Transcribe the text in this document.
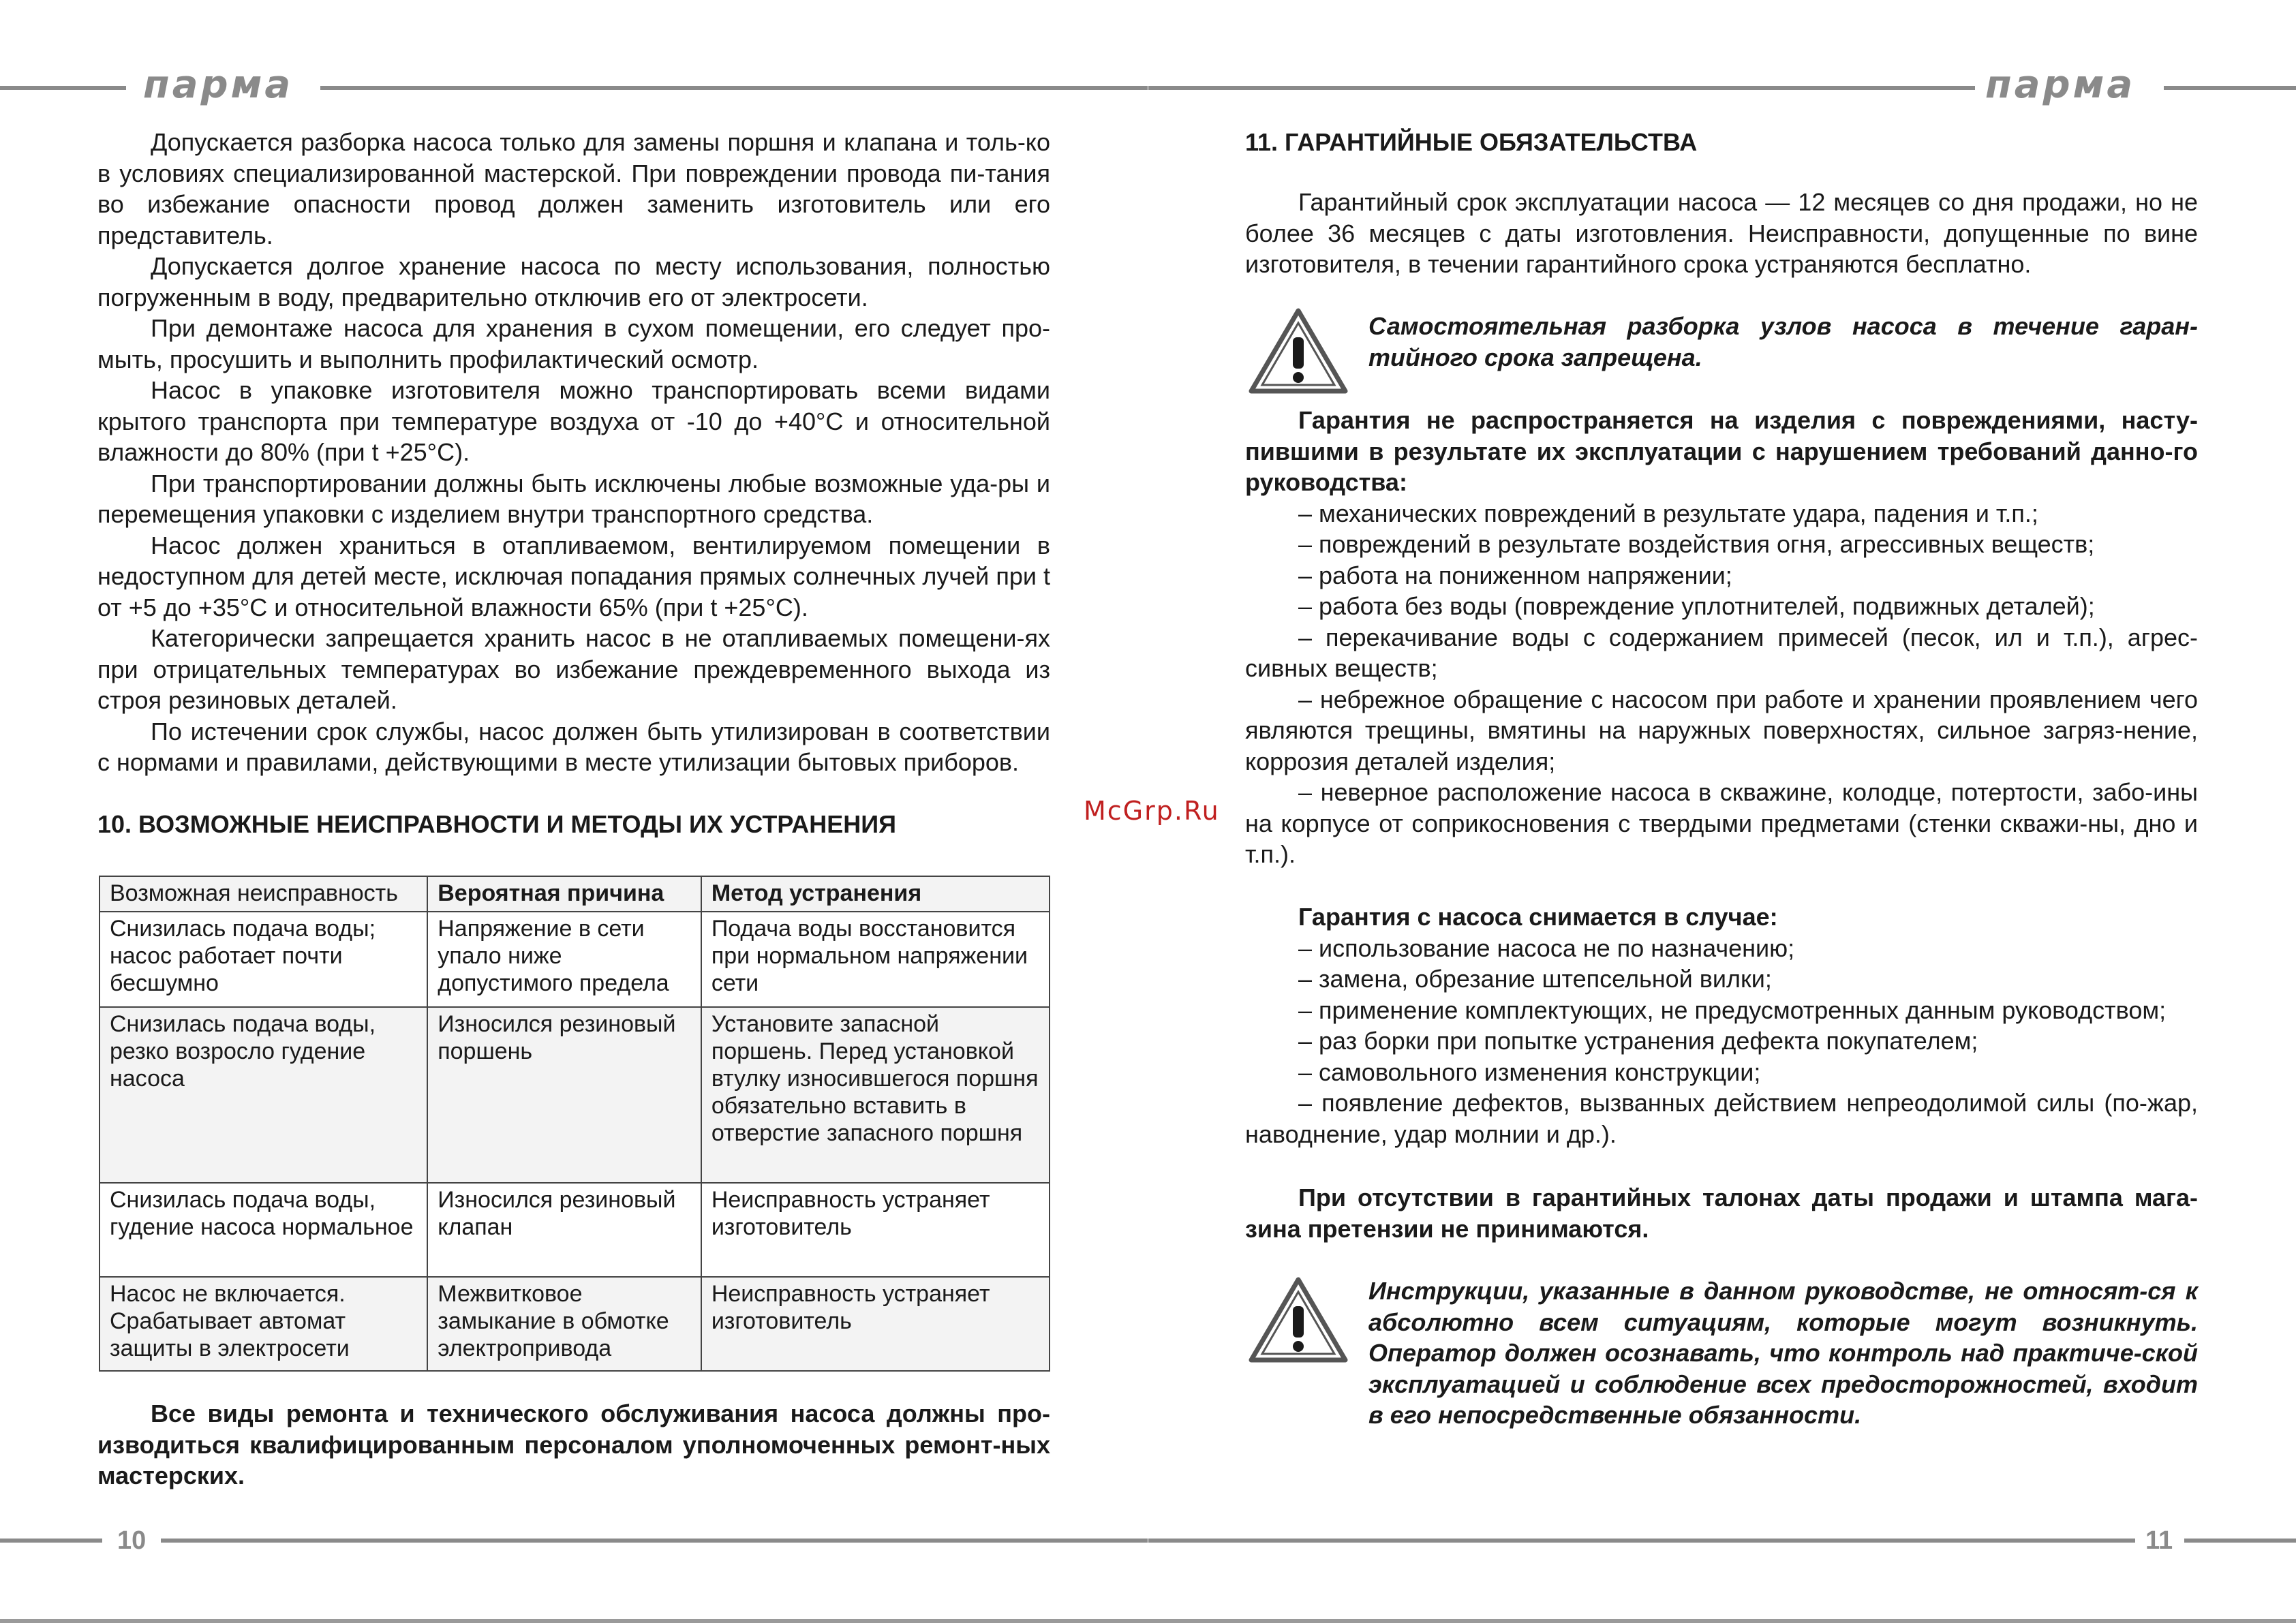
парма

Допускается разборка насоса только для замены поршня и клапана и толь-ко в условиях специализированной мастерской. При повреждении провода пи-тания во избежание опасности провод должен заменить изготовитель или его представитель.

Допускается долгое хранение насоса по месту использования, полностью погруженным в воду, предварительно отключив его от электросети.

При демонтаже насоса для хранения в сухом помещении, его следует про-мыть, просушить и выполнить профилактический осмотр.

Насос в упаковке изготовителя можно транспортировать всеми видами крытого транспорта при температуре воздуха от -10 до +40°С и относительной влажности до 80% (при t +25°С).

При транспортировании должны быть исключены любые возможные уда-ры и перемещения упаковки с изделием внутри транспортного средства.

Насос должен храниться в отапливаемом, вентилируемом помещении в недоступном для детей месте, исключая попадания прямых солнечных лучей при t от +5 до +35°С и относительной влажности 65% (при t +25°С).

Категорически запрещается хранить насос в не отапливаемых помещени-ях при отрицательных температурах во избежание преждевременного выхода из строя резиновых деталей.

По истечении срок службы, насос должен быть утилизирован в соответствии с нормами и правилами, действующими в месте утилизации бытовых приборов.

10. ВОЗМОЖНЫЕ НЕИСПРАВНОСТИ И МЕТОДЫ ИХ УСТРАНЕНИЯ
Возможная неисправность	Вероятная причина	Метод устранения
Снизилась подача воды; насос работает почти бесшумно	Напряжение в сети упало ниже допустимого предела	Подача воды восстановится при нормальном напряжении сети
Снизилась подача воды, резко возросло гудение насоса	Износился резиновый поршень	Установите запасной поршень. Перед установкой втулку износившегося поршня обязательно вставить в отверстие запасного поршня
Снизилась подача воды, гудение насоса нормальное	Износился резиновый клапан	Неисправность устраняет изготовитель
Насос не включается. Срабатывает автомат защиты в электросети	Межвитковое замыкание в обмотке электропривода	Неисправность устраняет изготовитель

Все виды ремонта и технического обслуживания насоса должны про-изводиться квалифицированным персоналом уполномоченных ремонт-ных мастерских.

10
McGrp.Ru
парма
11. ГАРАНТИЙНЫЕ ОБЯЗАТЕЛЬСТВА

Гарантийный срок эксплуатации насоса — 12 месяцев со дня продажи, но не более 36 месяцев с даты изготовления. Неисправности, допущенные по вине изготовителя, в течении гарантийного срока устраняются бесплатно.

Самостоятельная разборка узлов насоса в течение гаран-тийного срока запрещена.

Гарантия не распространяется на изделия с повреждениями, насту-пившими в результате их эксплуатации с нарушением требований данно-го руководства:

– механических повреждений в результате удара, падения и т.п.;

– повреждений в результате воздействия огня, агрессивных веществ;

– работа на пониженном напряжении;

– работа без воды (повреждение уплотнителей, подвижных деталей);

– перекачивание воды с содержанием примесей (песок, ил и т.п.), агрес-сивных веществ;

– небрежное обращение с насосом при работе и хранении проявлением чего являются трещины, вмятины на наружных поверхностях, сильное загряз-нение, коррозия деталей изделия;

– неверное расположение насоса в скважине, колодце, потертости, забо-ины на корпусе от соприкосновения с твердыми предметами (стенки скважи-ны, дно и т.п.).

Гарантия с насоса снимается в случае:

– использование насоса не по назначению;

– замена, обрезание штепсельной вилки;

– применение комплектующих, не предусмотренных данным руководством;

– раз борки при попытке устранения дефекта покупателем;

– самовольного изменения конструкции;

– появление дефектов, вызванных действием непреодолимой силы (по-жар, наводнение, удар молнии и др.).

При отсутствии в гарантийных талонах даты продажи и штампа мага-зина претензии не принимаются.

Инструкции, указанные в данном руководстве, не относят-ся к абсолютно всем ситуациям, которые могут возникнуть. Оператор должен осознавать, что контроль над практиче-ской эксплуатацией и соблюдение всех предосторожностей, входит в его непосредственные обязанности.
11
